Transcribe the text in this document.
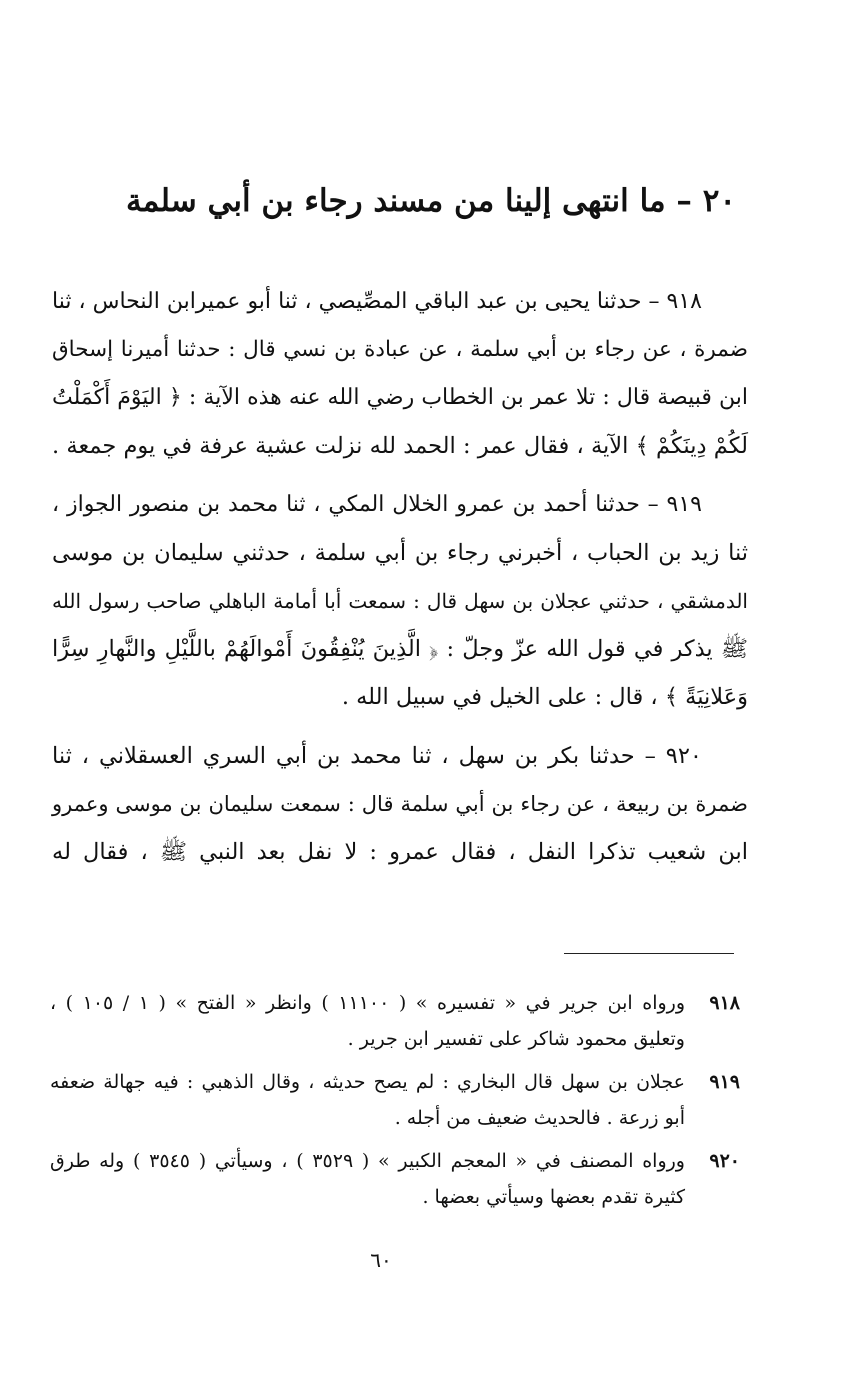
٢٠ – ما انتهى إلينا من مسند رجاء بن أبي سلمة
٩١٨ – حدثنا يحيى بن عبد الباقي المصِّيصي ، ثنا أبو عميرابن النحاس ، ثنا
ضمرة ، عن رجاء بن أبي سلمة ، عن عبادة بن نسي قال : حدثنا أميرنا إسحاق
ابن قبيصة قال : تلا عمر بن الخطاب رضي الله عنه هذه الآية : ﴿ اليَوْمَ أَكْمَلْتُ
لَكُمْ دِينَكُمْ ﴾ الآية ، فقال عمر : الحمد لله نزلت عشية عرفة في يوم جمعة .
٩١٩ – حدثنا أحمد بن عمرو الخلال المكي ، ثنا محمد بن منصور الجواز ،
ثنا زيد بن الحباب ، أخبرني رجاء بن أبي سلمة ، حدثني سليمان بن موسى
الدمشقي ، حدثني عجلان بن سهل قال : سمعت أبا أمامة الباهلي صاحب رسول الله
ﷺ يذكر في قول الله عزّ وجلّ : ﴿ الَّذِينَ يُنْفِقُونَ أَمْوالَهُمْ باللَّيْلِ والنَّهارِ سِرًّا
وَعَلانِيَةً ﴾ ، قال : على الخيل في سبيل الله .
٩٢٠ – حدثنا بكر بن سهل ، ثنا محمد بن أبي السري العسقلاني ، ثنا
ضمرة بن ربيعة ، عن رجاء بن أبي سلمة قال : سمعت سليمان بن موسى وعمرو
ابن شعيب تذكرا النفل ، فقال عمرو : لا نفل بعد النبي ﷺ ، فقال له
٩١٨
ورواه ابن جرير في « تفسيره » ( ١١١٠٠ ) وانظر « الفتح » ( ١ / ١٠٥ ) ،
وتعليق محمود شاكر على تفسير ابن جرير .
٩١٩
عجلان بن سهل قال البخاري : لم يصح حديثه ، وقال الذهبي : فيه جهالة ضعفه
أبو زرعة . فالحديث ضعيف من أجله .
٩٢٠
ورواه المصنف في « المعجم الكبير » ( ٣٥٢٩ ) ، وسيأتي ( ٣٥٤٥ ) وله طرق
كثيرة تقدم بعضها وسيأتي بعضها .
٦٠
